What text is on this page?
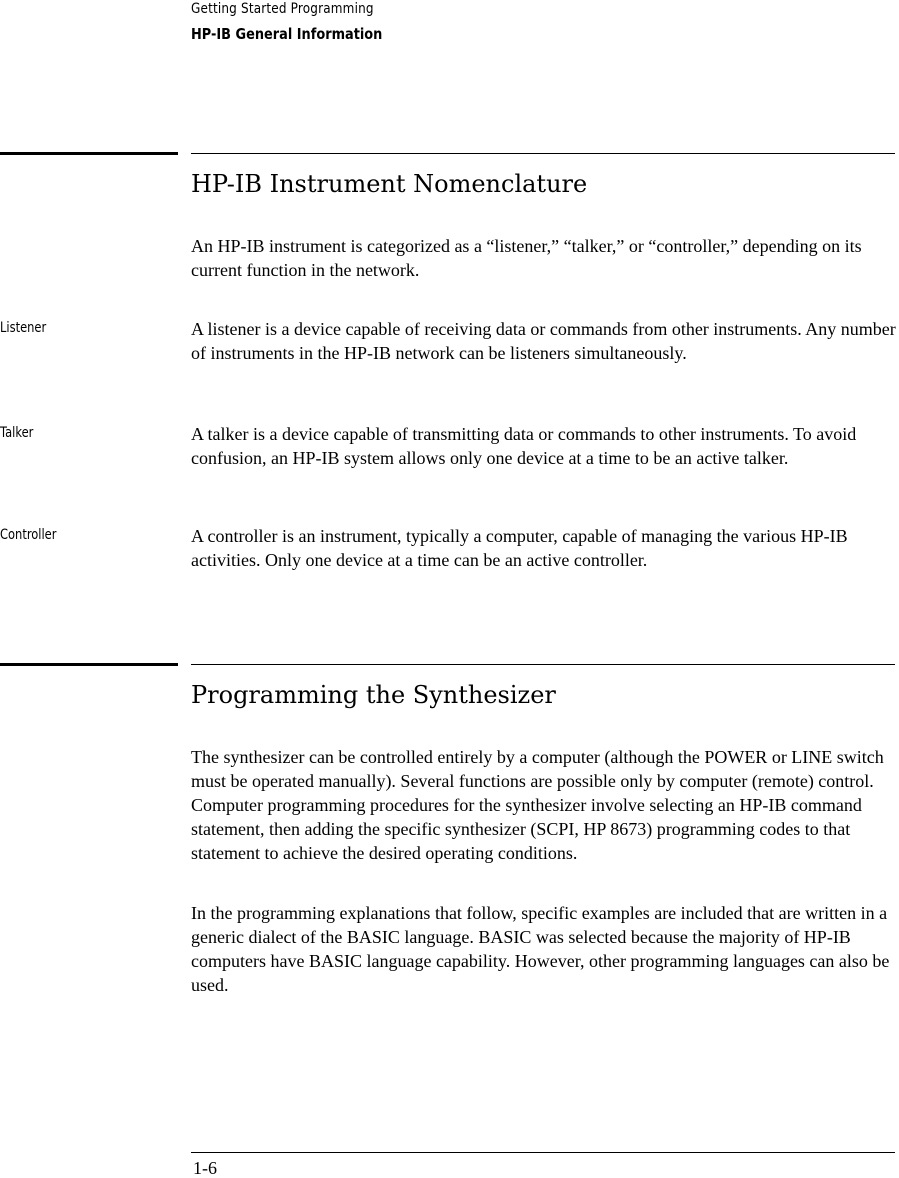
Getting Started Programming
HP-IB General Information
HP-IB Instrument Nomenclature

An HP-IB instrument is categorized as a “listener,” “talker,” or “controller,” depending on its current function in the network.

Listener	A listener is a device capable of receiving data or commands from other instruments. Any number of instruments in the HP-IB network can be listeners simultaneously.

Talker	A talker is a device capable of transmitting data or commands to other instruments. To avoid confusion, an HP-IB system allows only one device at a time to be an active talker.

Controller	A controller is an instrument, typically a computer, capable of managing the various HP-IB activities. Only one device at a time can be an active controller.

Programming the Synthesizer

The synthesizer can be controlled entirely by a computer (although the POWER or LINE switch must be operated manually). Several functions are possible only by computer (remote) control. Computer programming procedures for the synthesizer involve selecting an HP-IB command statement, then adding the specific synthesizer (SCPI, HP 8673) programming codes to that statement to achieve the desired operating conditions.

In the programming explanations that follow, specific examples are included that are written in a generic dialect of the BASIC language. BASIC was selected because the majority of HP-IB computers have BASIC language capability. However, other programming languages can also be used.

1-6
